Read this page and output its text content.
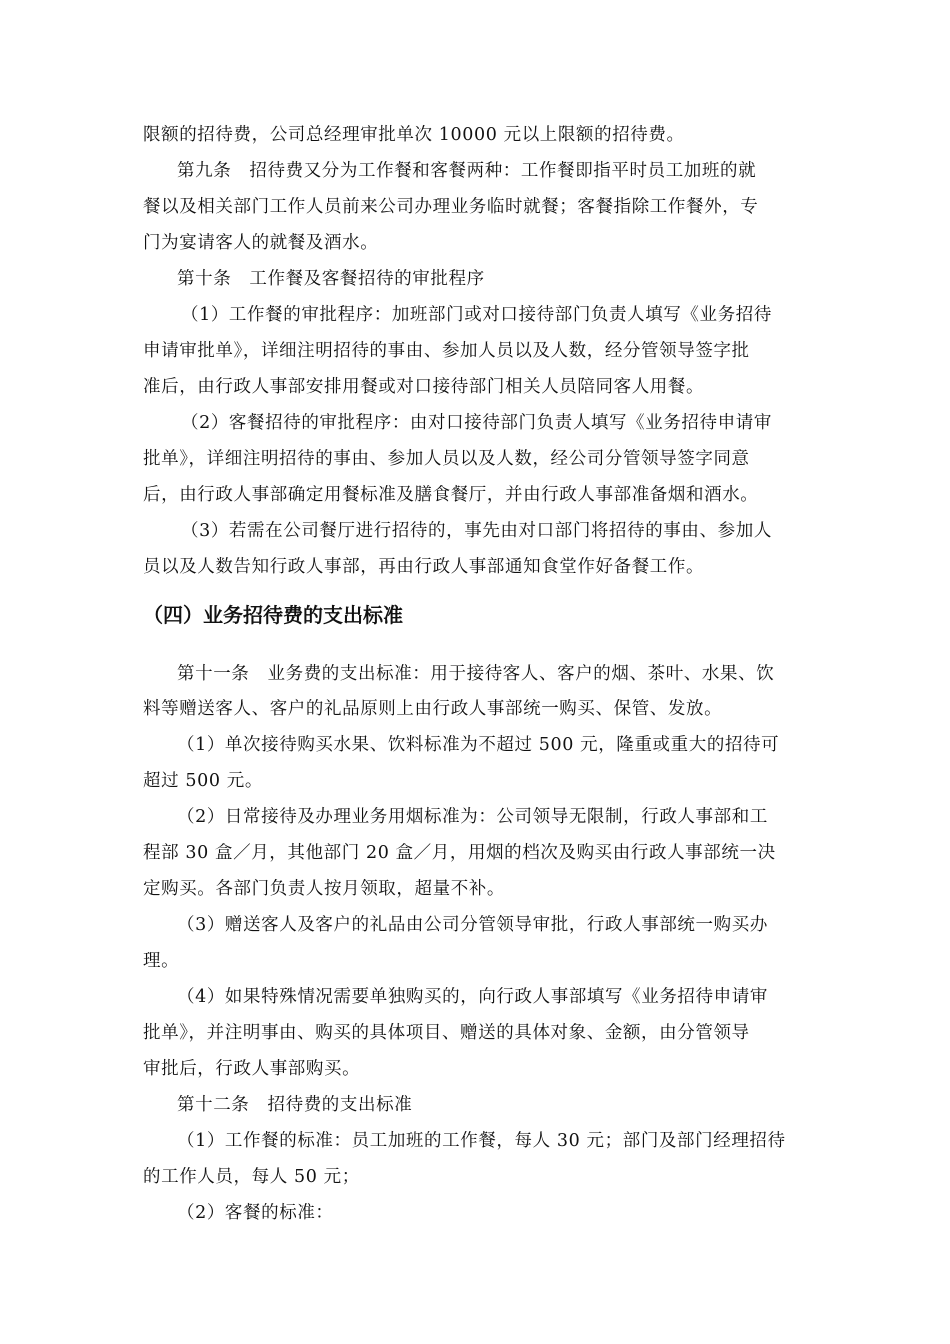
限额的招待费，公司总经理审批单次 10000 元以上限额的招待费。
第九条　招待费又分为工作餐和客餐两种：工作餐即指平时员工加班的就
餐以及相关部门工作人员前来公司办理业务临时就餐；客餐指除工作餐外，专
门为宴请客人的就餐及酒水。
第十条　工作餐及客餐招待的审批程序
（1）工作餐的审批程序：加班部门或对口接待部门负责人填写《业务招待
申请审批单》，详细注明招待的事由、参加人员以及人数，经分管领导签字批
准后，由行政人事部安排用餐或对口接待部门相关人员陪同客人用餐。
（2）客餐招待的审批程序：由对口接待部门负责人填写《业务招待申请审
批单》，详细注明招待的事由、参加人员以及人数，经公司分管领导签字同意
后，由行政人事部确定用餐标准及膳食餐厅，并由行政人事部准备烟和酒水。
（3）若需在公司餐厅进行招待的，事先由对口部门将招待的事由、参加人
员以及人数告知行政人事部，再由行政人事部通知食堂作好备餐工作。
（四）业务招待费的支出标准
第十一条　业务费的支出标准：用于接待客人、客户的烟、茶叶、水果、饮
料等赠送客人、客户的礼品原则上由行政人事部统一购买、保管、发放。
（1）单次接待购买水果、饮料标准为不超过 500 元，隆重或重大的招待可
超过 500 元。
（2）日常接待及办理业务用烟标准为：公司领导无限制，行政人事部和工
程部 30 盒／月，其他部门 20 盒／月，用烟的档次及购买由行政人事部统一决
定购买。各部门负责人按月领取，超量不补。
（3）赠送客人及客户的礼品由公司分管领导审批，行政人事部统一购买办
理。
（4）如果特殊情况需要单独购买的，向行政人事部填写《业务招待申请审
批单》，并注明事由、购买的具体项目、赠送的具体对象、金额，由分管领导
审批后，行政人事部购买。
第十二条　招待费的支出标准
（1）工作餐的标准：员工加班的工作餐，每人 30 元；部门及部门经理招待
的工作人员，每人 50 元；
（2）客餐的标准：
